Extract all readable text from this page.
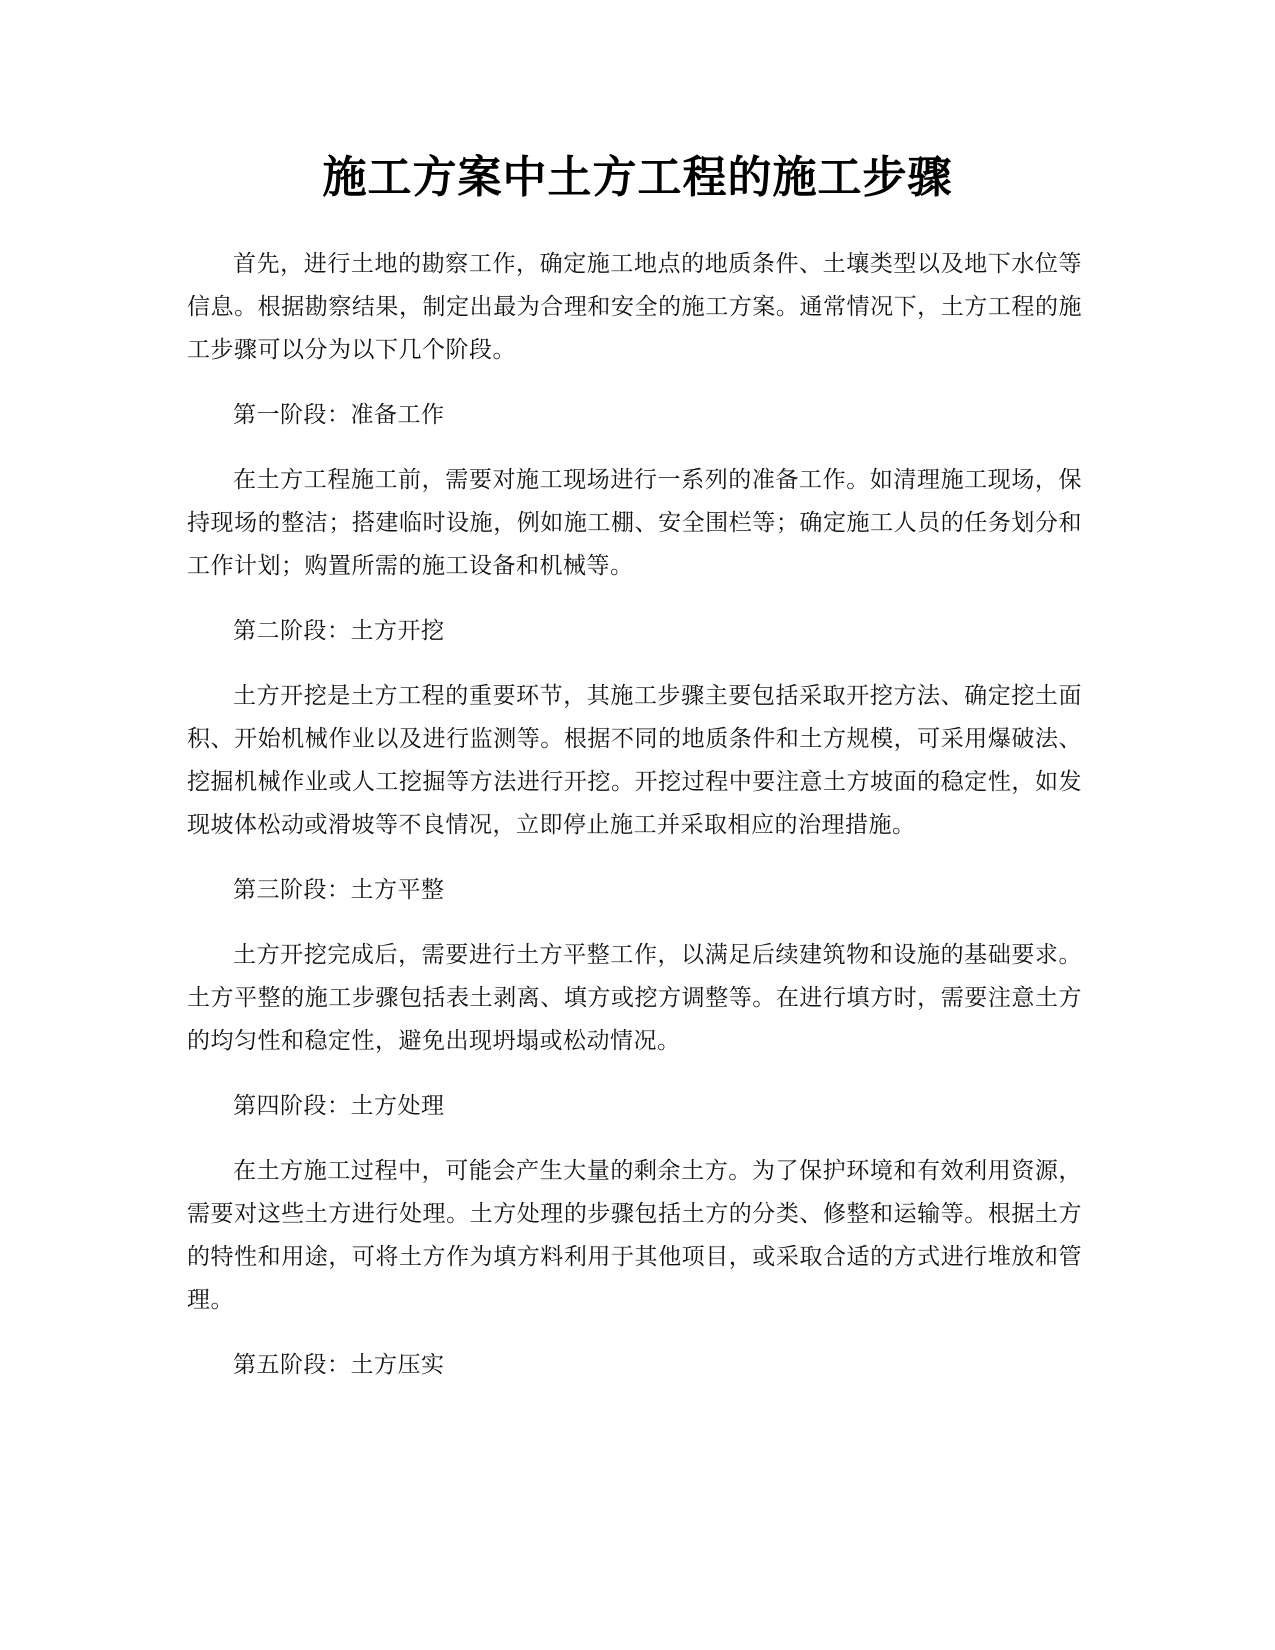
施工方案中土方工程的施工步骤

首先，进行土地的勘察工作，确定施工地点的地质条件、土壤类型以及地下水位等信息。根据勘察结果，制定出最为合理和安全的施工方案。通常情况下，土方工程的施工步骤可以分为以下几个阶段。

第一阶段：准备工作

在土方工程施工前，需要对施工现场进行一系列的准备工作。如清理施工现场，保持现场的整洁；搭建临时设施，例如施工棚、安全围栏等；确定施工人员的任务划分和工作计划；购置所需的施工设备和机械等。

第二阶段：土方开挖

土方开挖是土方工程的重要环节，其施工步骤主要包括采取开挖方法、确定挖土面积、开始机械作业以及进行监测等。根据不同的地质条件和土方规模，可采用爆破法、挖掘机械作业或人工挖掘等方法进行开挖。开挖过程中要注意土方坡面的稳定性，如发现坡体松动或滑坡等不良情况，立即停止施工并采取相应的治理措施。

第三阶段：土方平整

土方开挖完成后，需要进行土方平整工作，以满足后续建筑物和设施的基础要求。土方平整的施工步骤包括表土剥离、填方或挖方调整等。在进行填方时，需要注意土方的均匀性和稳定性，避免出现坍塌或松动情况。

第四阶段：土方处理

在土方施工过程中，可能会产生大量的剩余土方。为了保护环境和有效利用资源，需要对这些土方进行处理。土方处理的步骤包括土方的分类、修整和运输等。根据土方的特性和用途，可将土方作为填方料利用于其他项目，或采取合适的方式进行堆放和管理。

第五阶段：土方压实
